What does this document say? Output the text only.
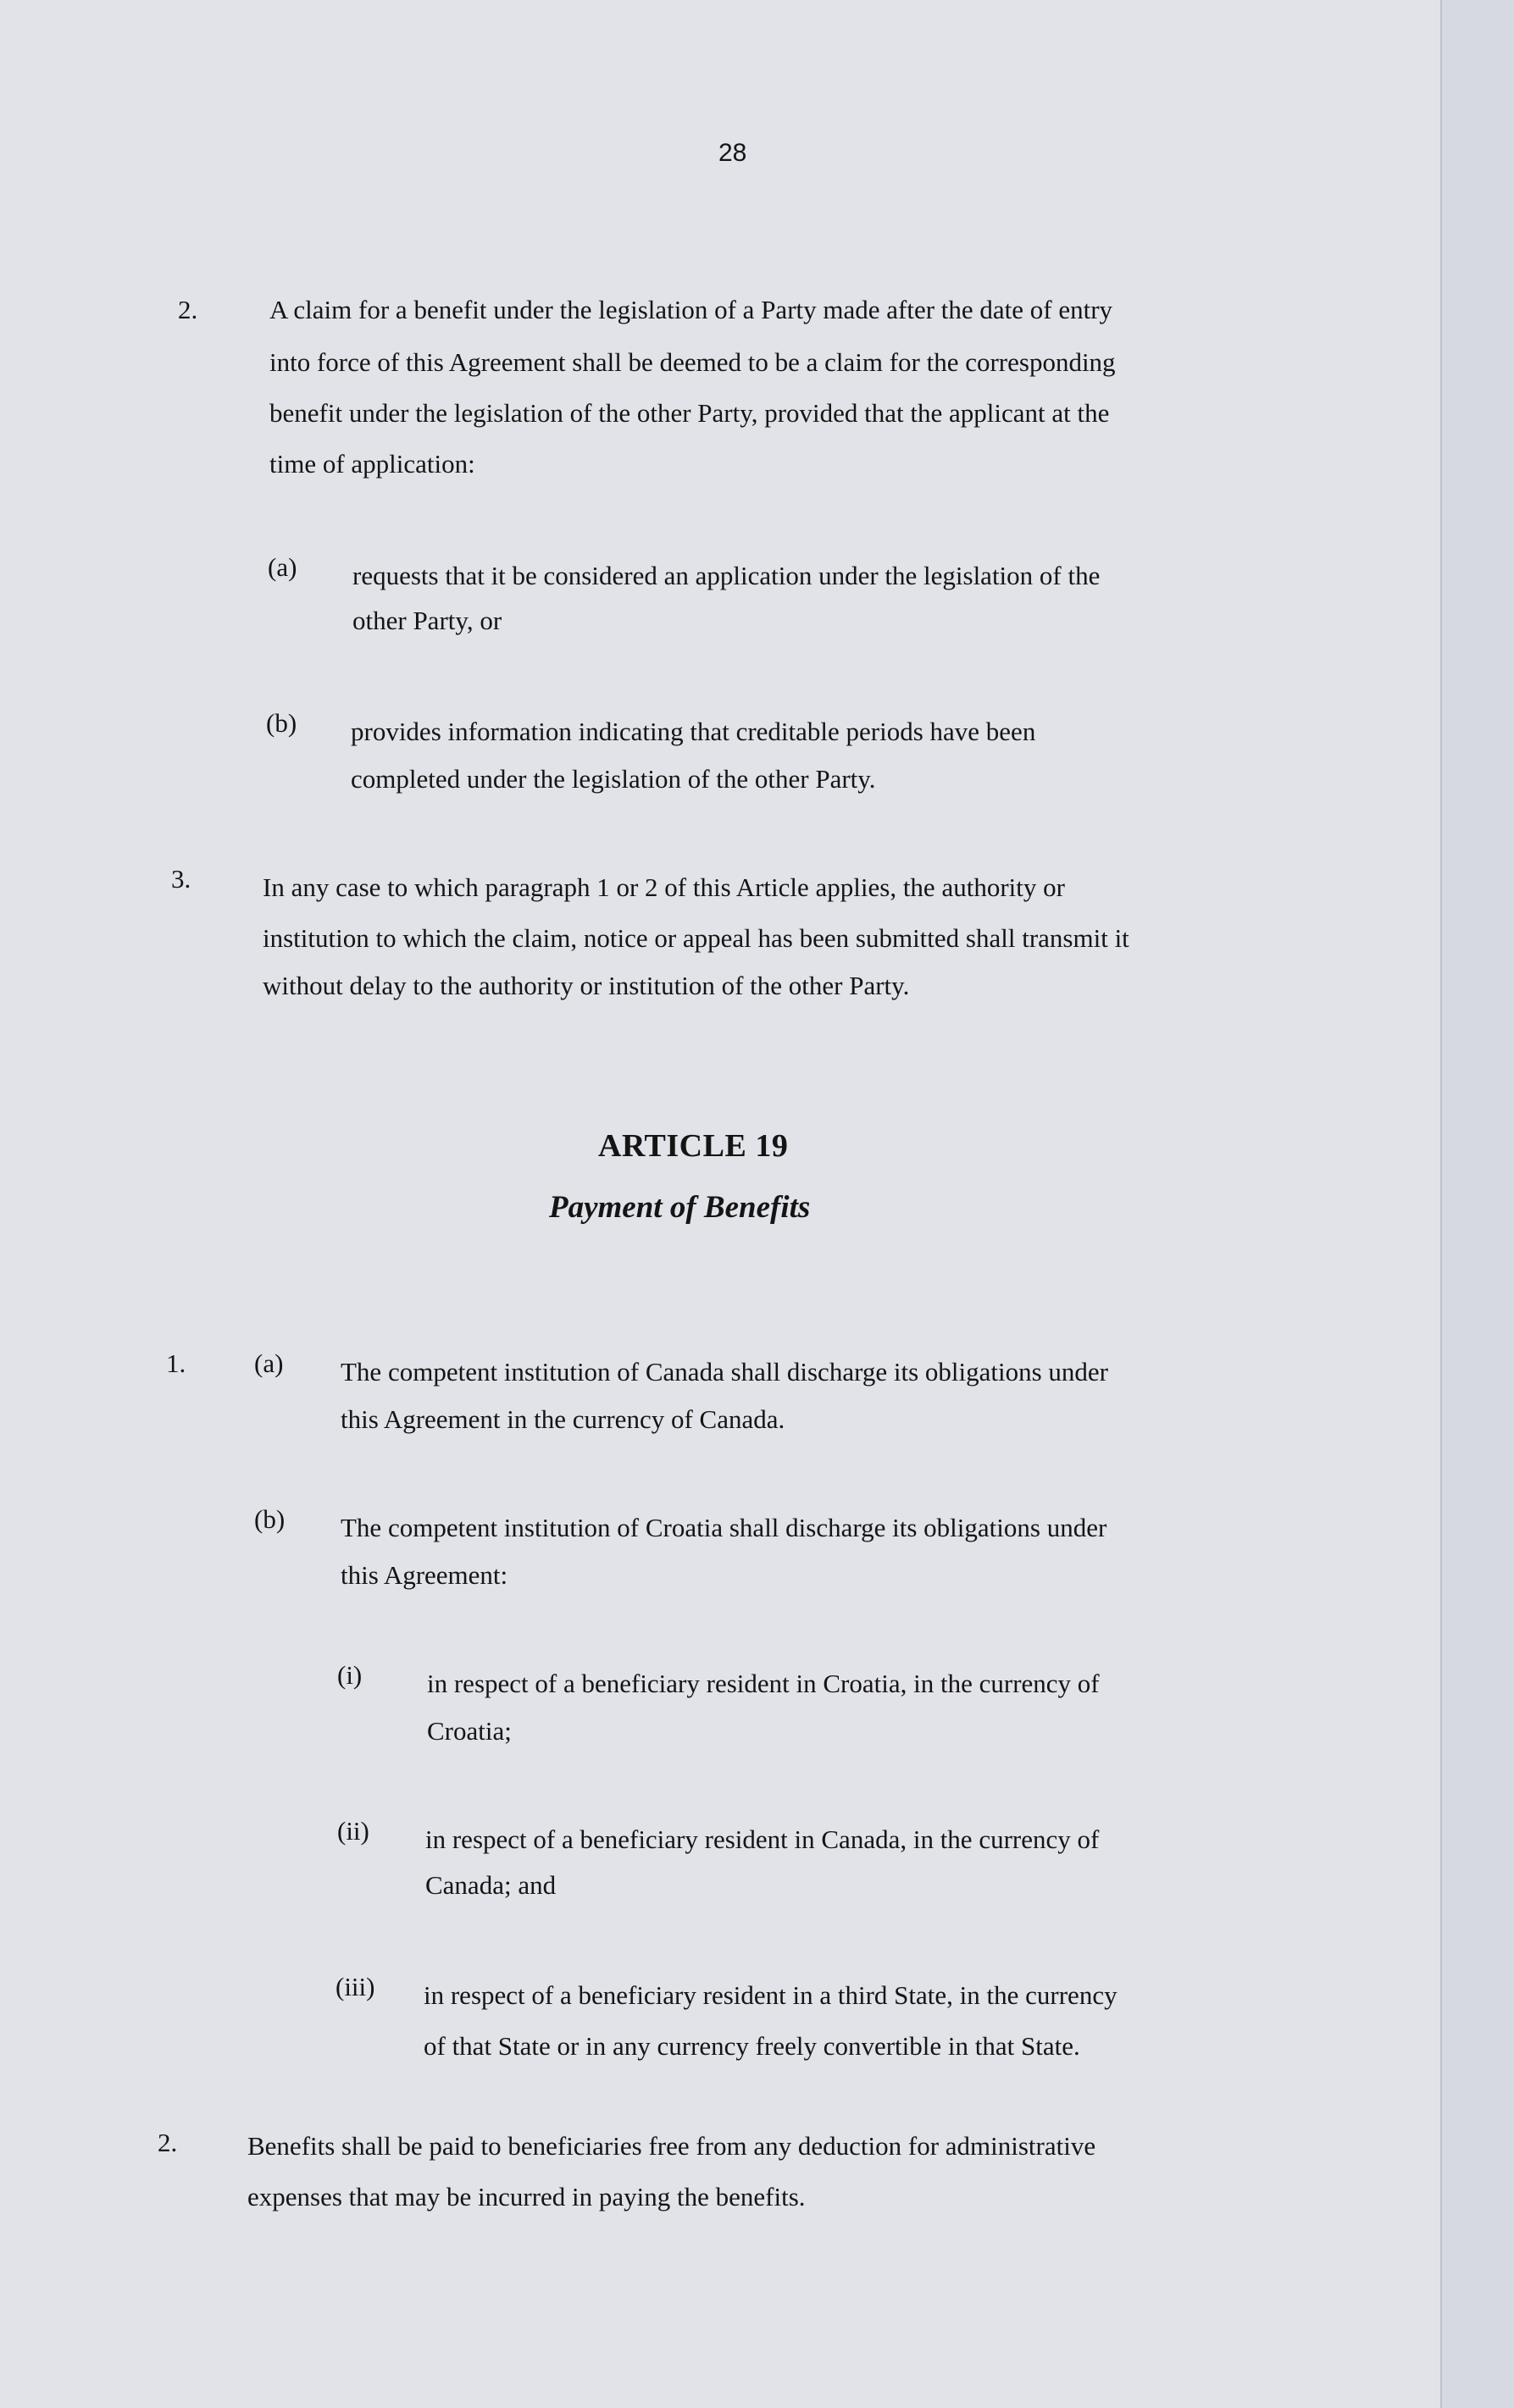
28

2.	A claim for a benefit under the legislation of a Party made after the date of entry

into force of this Agreement shall be deemed to be a claim for the corresponding

benefit under the legislation of the other Party, provided that the applicant at the

time of application:

(a) requests that it be considered an application under the legislation of the

other Party, or

(b) provides information indicating that creditable periods have been

completed under the legislation of the other Party.

3.	In any case to which paragraph 1 or 2 of this Article applies, the authority or

institution to which the claim, notice or appeal has been submitted shall transmit it

without delay to the authority or institution of the other Party.

ARTICLE 19
Payment of Benefits

1.	(a) The competent institution of Canada shall discharge its obligations under

this Agreement in the currency of Canada.

(b) The competent institution of Croatia shall discharge its obligations under

this Agreement:

(i) in respect of a beneficiary resident in Croatia, in the currency of

Croatia;

(ii) in respect of a beneficiary resident in Canada, in the currency of

Canada; and

(iii) in respect of a beneficiary resident in a third State, in the currency

of that State or in any currency freely convertible in that State.

2.	Benefits shall be paid to beneficiaries free from any deduction for administrative

expenses that may be incurred in paying the benefits.
